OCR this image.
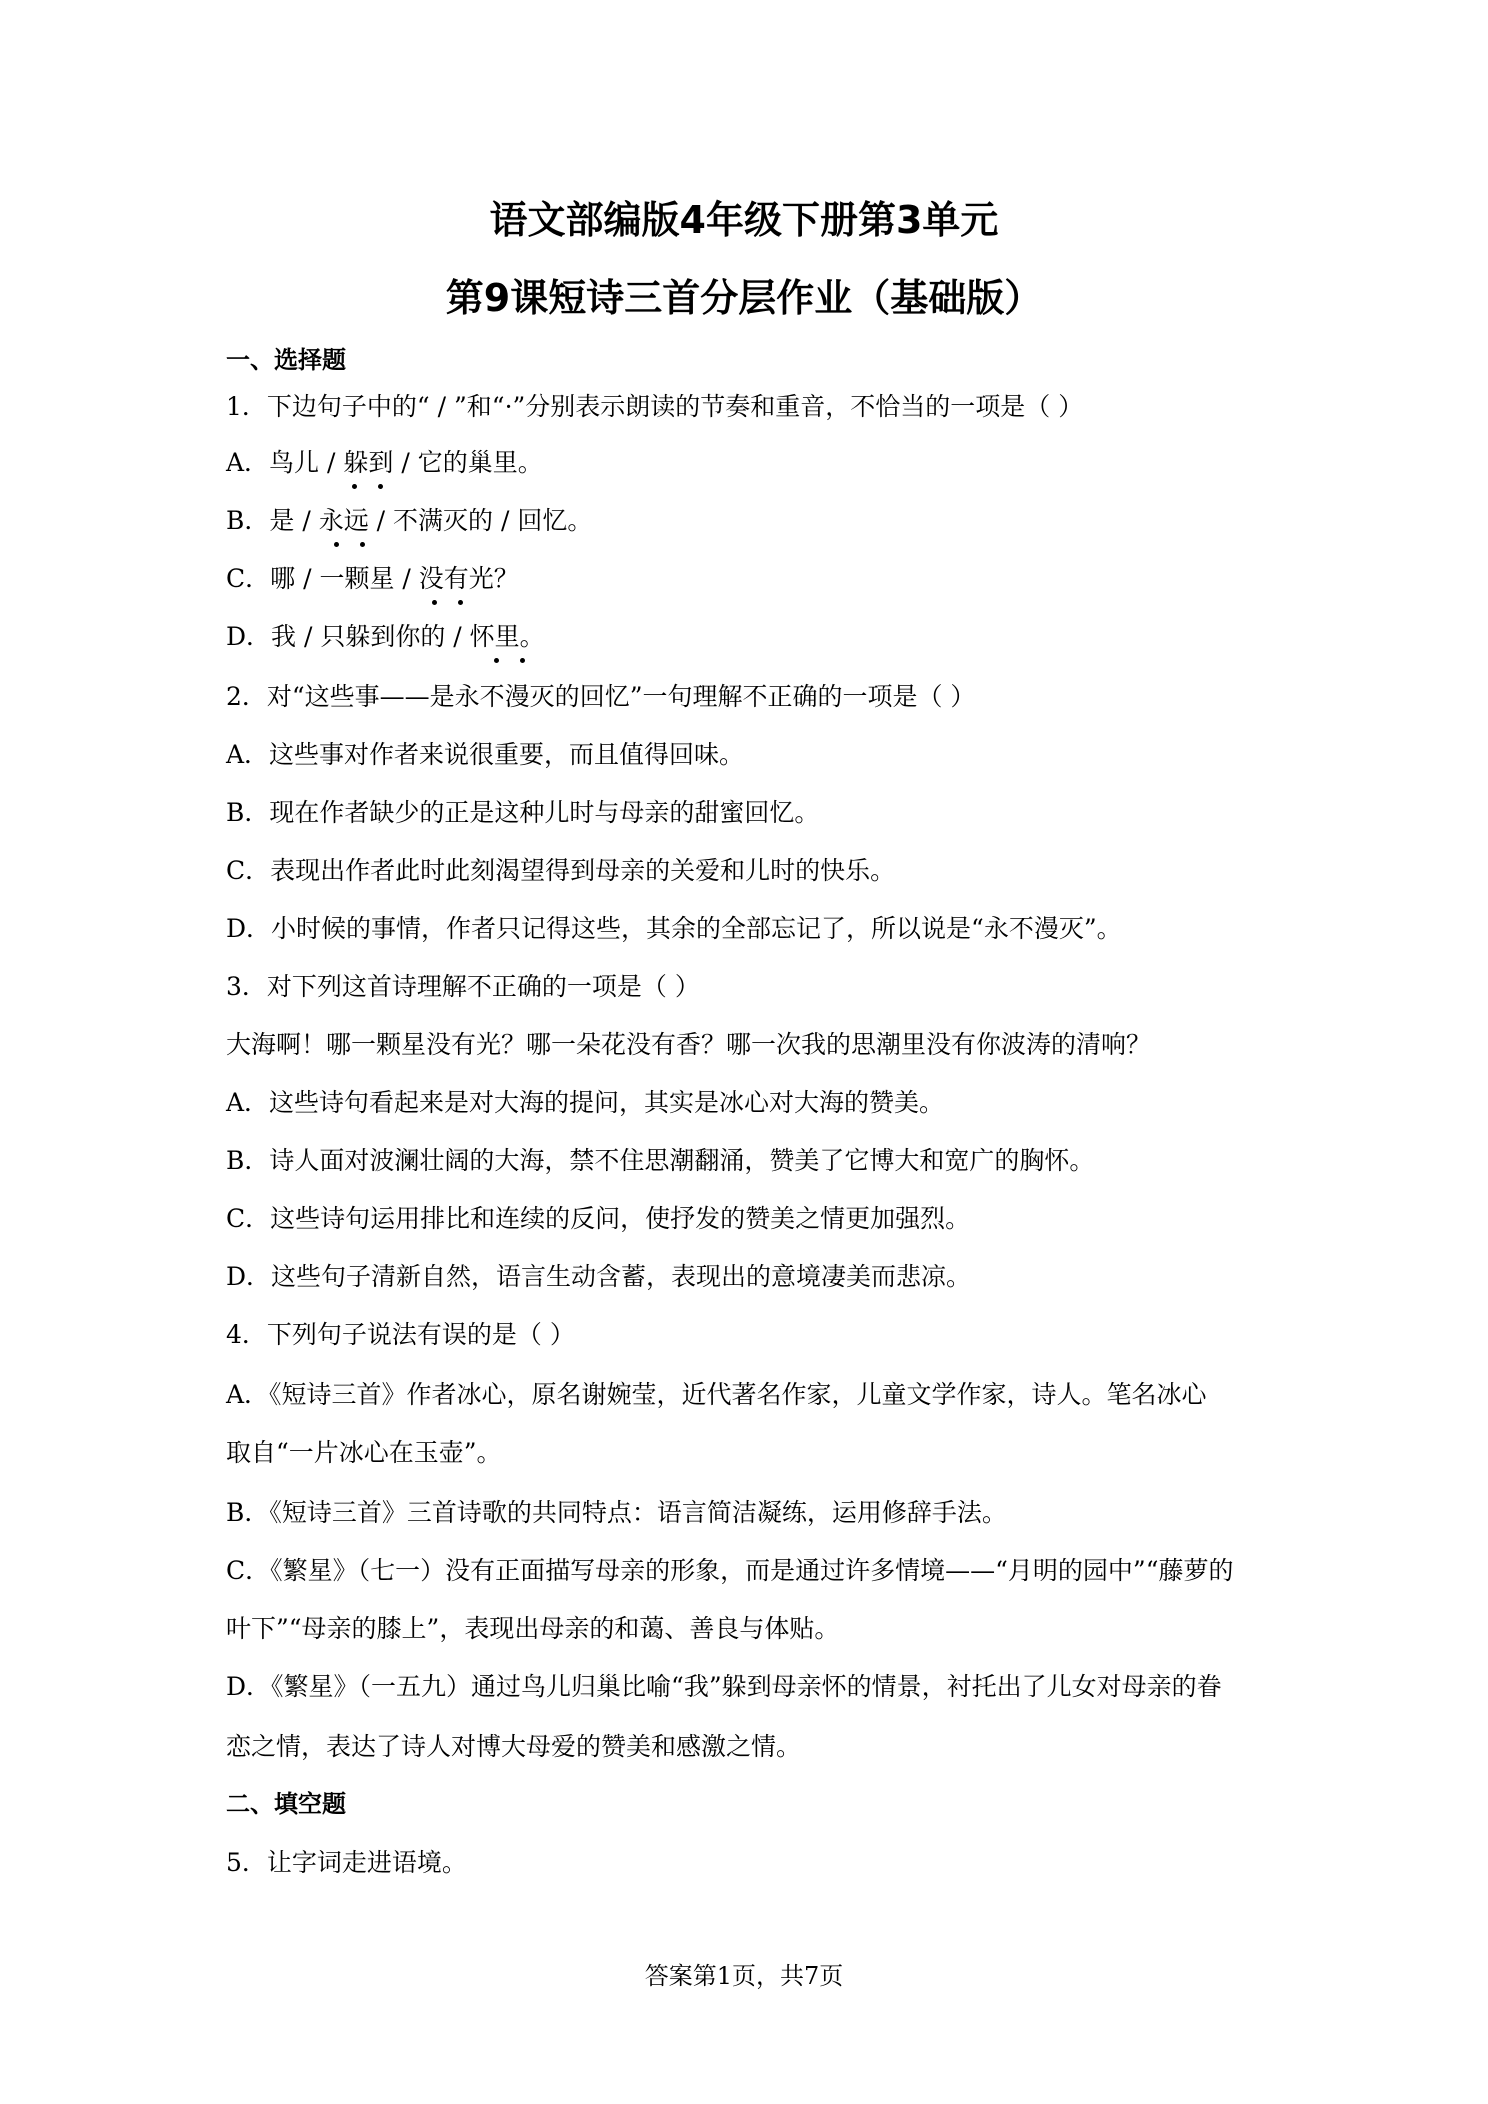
语文部编版4年级下册第3单元
第9课短诗三首分层作业（基础版）
一、选择题
1．下边句子中的“ / ”和“·”分别表示朗读的节奏和重音，不恰当的一项是（ ）
A．鸟儿 / 躲到 / 它的巢里。
B．是 / 永远 / 不满灭的 / 回忆。
C．哪 / 一颗星 / 没有光？
D．我 / 只躲到你的 / 怀里。
2．对“这些事——是永不漫灭的回忆”一句理解不正确的一项是（ ）
A．这些事对作者来说很重要，而且值得回味。
B．现在作者缺少的正是这种儿时与母亲的甜蜜回忆。
C．表现出作者此时此刻渴望得到母亲的关爱和儿时的快乐。
D．小时候的事情，作者只记得这些，其余的全部忘记了，所以说是“永不漫灭”。
3．对下列这首诗理解不正确的一项是（ ）
大海啊！哪一颗星没有光？哪一朵花没有香？哪一次我的思潮里没有你波涛的清响？
A．这些诗句看起来是对大海的提问，其实是冰心对大海的赞美。
B．诗人面对波澜壮阔的大海，禁不住思潮翻涌，赞美了它博大和宽广的胸怀。
C．这些诗句运用排比和连续的反问，使抒发的赞美之情更加强烈。
D．这些句子清新自然，语言生动含蓄，表现出的意境凄美而悲凉。
4．下列句子说法有误的是（ ）
A．《短诗三首》作者冰心，原名谢婉莹，近代著名作家，儿童文学作家，诗人。笔名冰心
取自“一片冰心在玉壶”。
B．《短诗三首》三首诗歌的共同特点：语言简洁凝练，运用修辞手法。
C．《繁星》（七一）没有正面描写母亲的形象，而是通过许多情境——“月明的园中”“藤萝的
叶下”“母亲的膝上”，表现出母亲的和蔼、善良与体贴。
D．《繁星》（一五九）通过鸟儿归巢比喻“我”躲到母亲怀的情景，衬托出了儿女对母亲的眷
恋之情，表达了诗人对博大母爱的赞美和感激之情。
二、填空题
5．让字词走进语境。
答案第1页，共7页
